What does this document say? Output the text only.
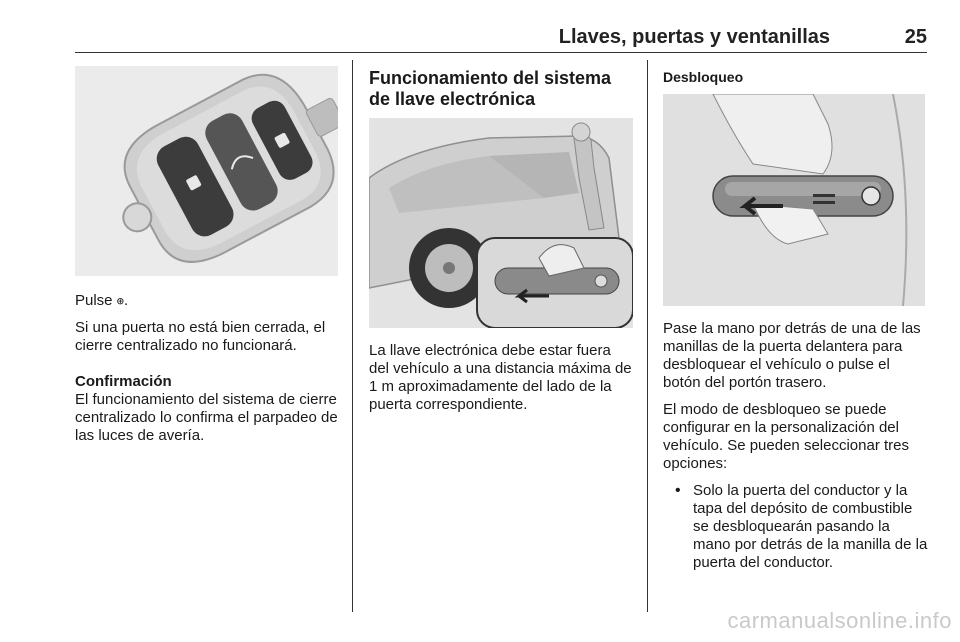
Llaves, puertas y ventanillas	25

Pulse ⊕.

Si una puerta no está bien cerrada, el cierre centralizado no funcionará.

Confirmación

El funcionamiento del sistema de cierre centralizado lo confirma el parpadeo de las luces de avería.

Funcionamiento del sistema de llave electrónica

La llave electrónica debe estar fuera del vehículo a una distancia máxima de 1 m aproximadamente del lado de la puerta correspondiente.

Desbloqueo

Pase la mano por detrás de una de las manillas de la puerta delantera para desbloquear el vehículo o pulse el botón del portón trasero.

El modo de desbloqueo se puede configurar en la personalización del vehículo. Se pueden seleccionar tres opciones:

• Solo la puerta del conductor y la tapa del depósito de combustible se desbloquearán pasando la mano por detrás de la manilla de la puerta del conductor.
carmanualsonline.info
